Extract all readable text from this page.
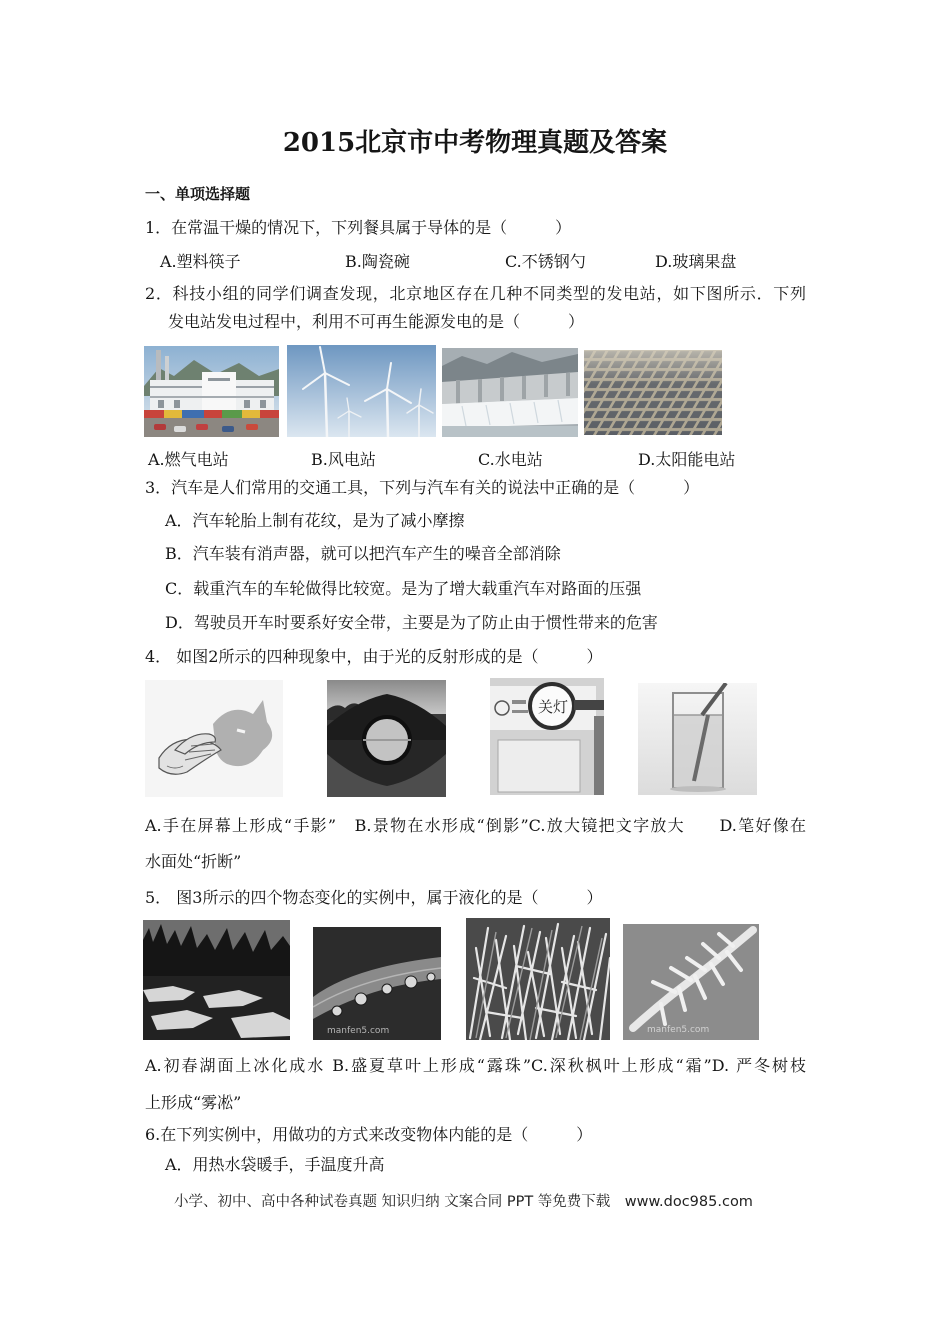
2015北京市中考物理真题及答案
一、单项选择题
1．在常温干燥的情况下，下列餐具属于导体的是（　　　）
A.塑料筷子	B.陶瓷碗	C.不锈钢勺	D.玻璃果盘
2．科技小组的同学们调查发现，北京地区存在几种不同类型的发电站，如下图所示．下列
发电站发电过程中，利用不可再生能源发电的是（　　　）
A.燃气电站	B.风电站	C.水电站	D.太阳能电站
3．汽车是人们常用的交通工具，下列与汽车有关的说法中正确的是（　　　）
A．汽车轮胎上制有花纹，是为了减小摩擦
B．汽车装有消声器，就可以把汽车产生的噪音全部消除
C．载重汽车的车轮做得比较宽。是为了增大载重汽车对路面的压强
D．驾驶员开车时要系好安全带，主要是为了防止由于惯性带来的危害
4． 如图2所示的四种现象中，由于光的反射形成的是（　　　）
关灯
A.手在屏幕上形成“手影”　B.景物在水形成“倒影”C.放大镜把文字放大　　D.笔好像在
水面处“折断”
5． 图3所示的四个物态变化的实例中，属于液化的是（　　　）
manfen5.com	manfen5.com
A.初春湖面上冰化成水 B.盛夏草叶上形成“露珠”C.深秋枫叶上形成“霜”D. 严冬树枝
上形成“雾凇”
6.在下列实例中，用做功的方式来改变物体内能的是（　　　）
A．用热水袋暖手，手温度升高
小学、初中、高中各种试卷真题 知识归纳 文案合同 PPT 等免费下载　www.doc985.com
